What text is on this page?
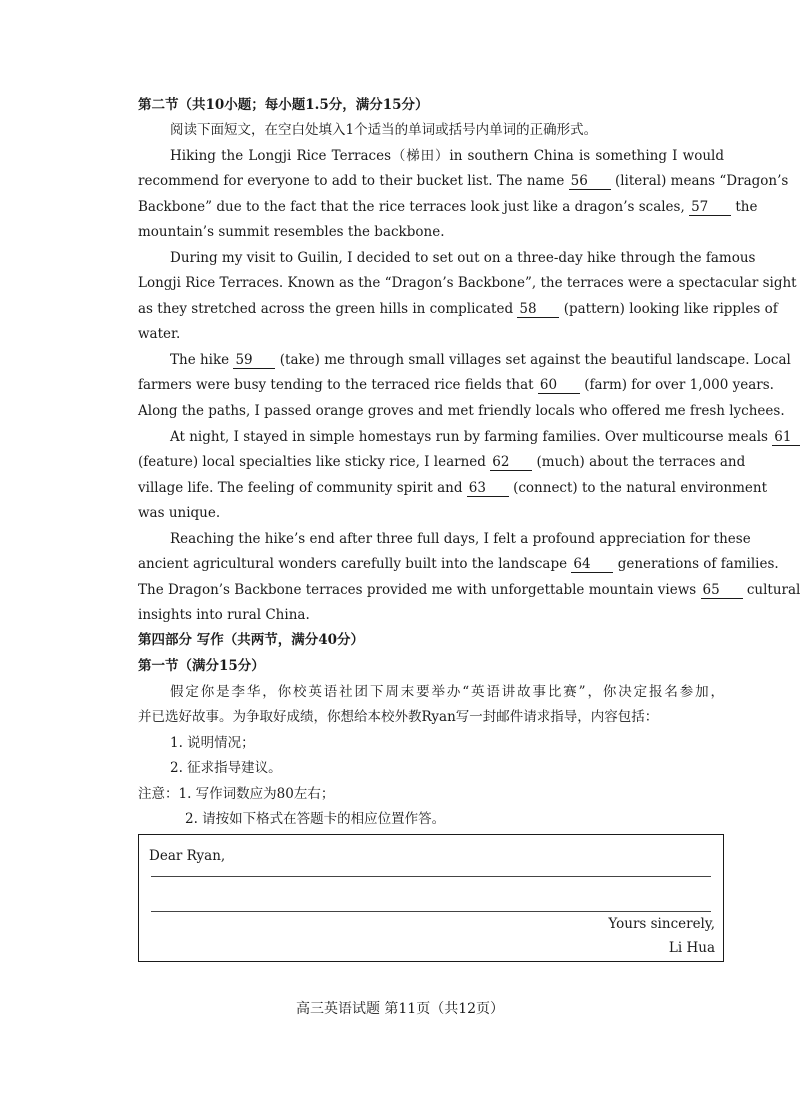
第二节（共10小题；每小题1.5分，满分15分）
阅读下面短文，在空白处填入1个适当的单词或括号内单词的正确形式。
Hiking the Longji Rice Terraces（梯田）in southern China is something I would
recommend for everyone to add to their bucket list. The name 56 (literal) means “Dragon’s
Backbone” due to the fact that the rice terraces look just like a dragon’s scales, 57 the
mountain’s summit resembles the backbone.
During my visit to Guilin, I decided to set out on a three-day hike through the famous
Longji Rice Terraces. Known as the “Dragon’s Backbone”, the terraces were a spectacular sight
as they stretched across the green hills in complicated 58 (pattern) looking like ripples of
water.
The hike 59 (take) me through small villages set against the beautiful landscape. Local
farmers were busy tending to the terraced rice fields that 60 (farm) for over 1,000 years.
Along the paths, I passed orange groves and met friendly locals who offered me fresh lychees.
At night, I stayed in simple homestays run by farming families. Over multicourse meals 61
(feature) local specialties like sticky rice, I learned 62 (much) about the terraces and
village life. The feeling of community spirit and 63 (connect) to the natural environment
was unique.
Reaching the hike’s end after three full days, I felt a profound appreciation for these
ancient agricultural wonders carefully built into the landscape 64 generations of families.
The Dragon’s Backbone terraces provided me with unforgettable mountain views 65 cultural
insights into rural China.
第四部分 写作（共两节，满分40分）
第一节（满分15分）
假定你是李华，你校英语社团下周末要举办“英语讲故事比赛”，你决定报名参加，
并已选好故事。为争取好成绩，你想给本校外教Ryan写一封邮件请求指导，内容包括：
1. 说明情况；
2. 征求指导建议。
注意：1. 写作词数应为80左右；
2. 请按如下格式在答题卡的相应位置作答。
Dear Ryan,
Yours sincerely,
Li Hua
高三英语试题 第11页（共12页）
